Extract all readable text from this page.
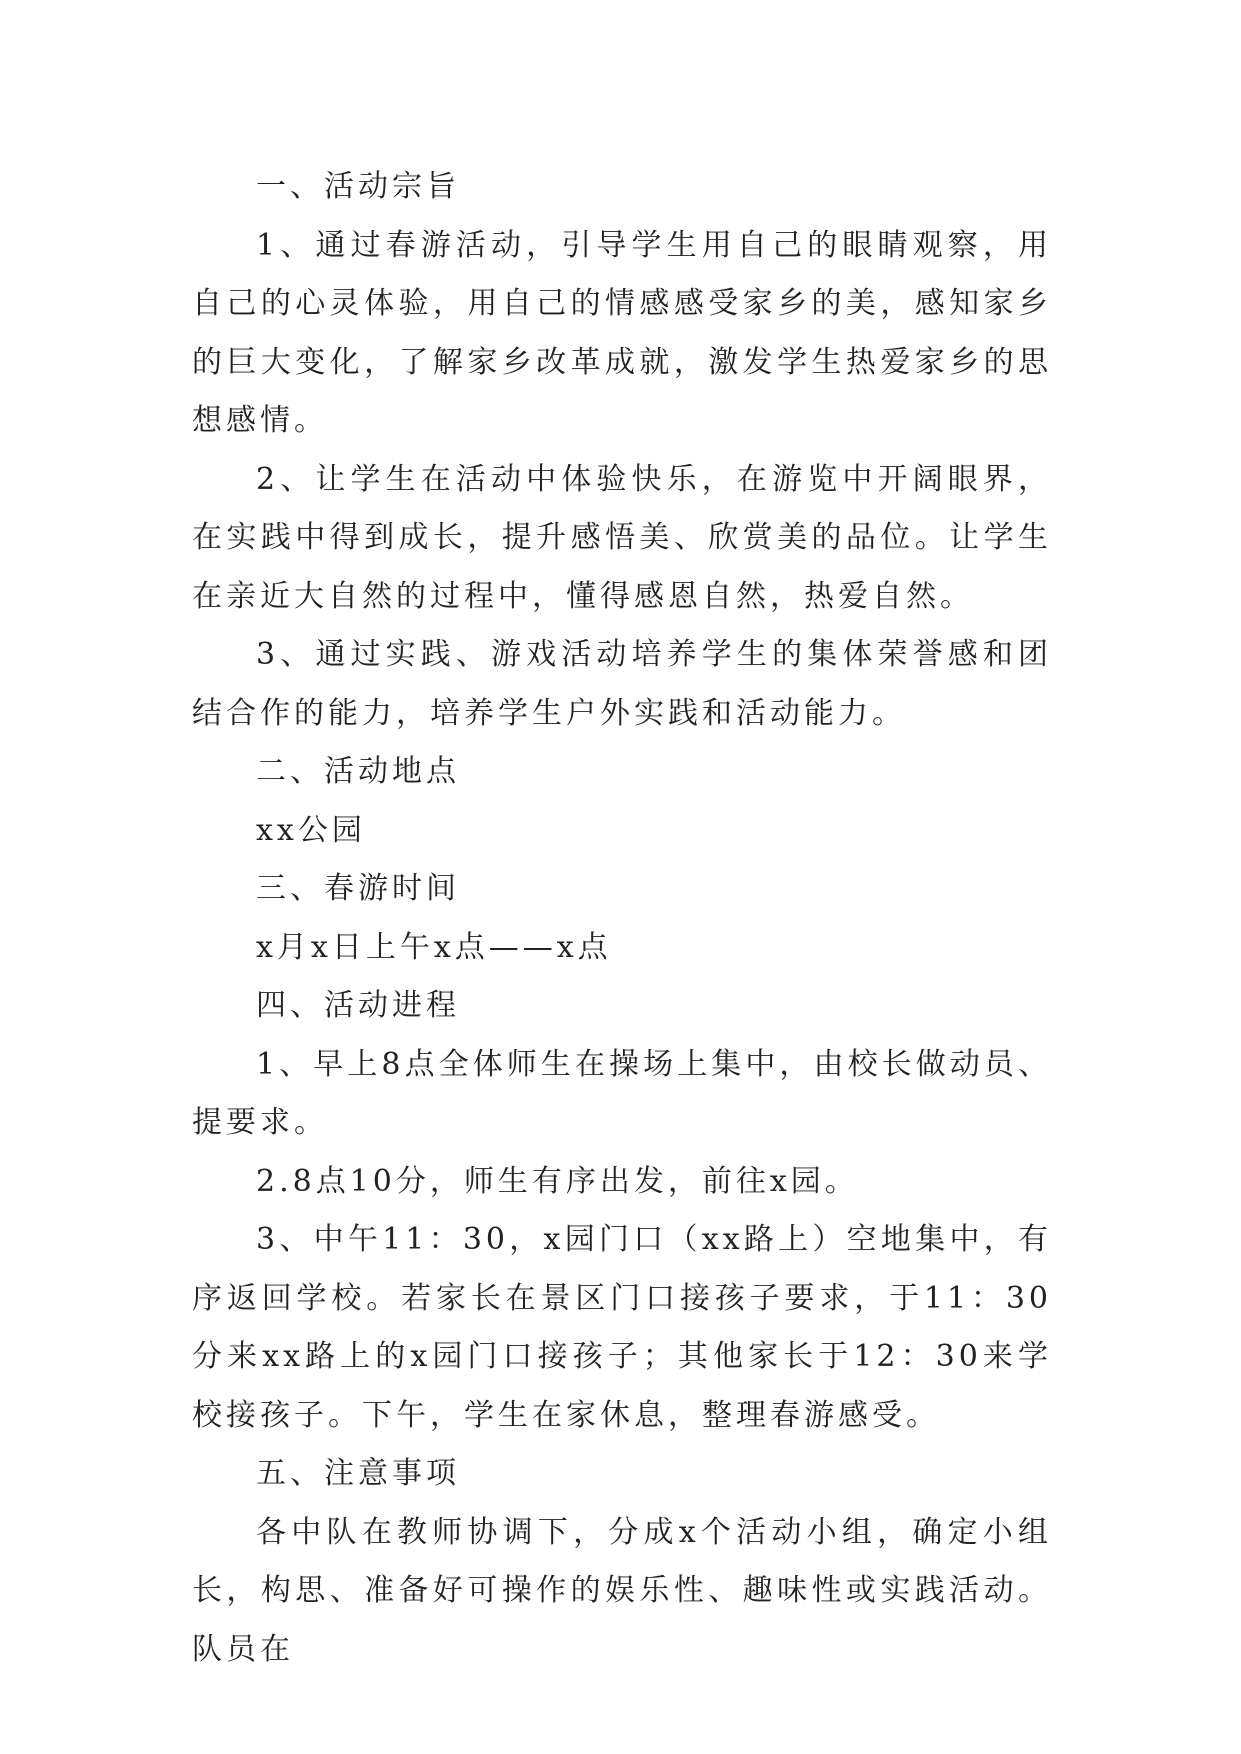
一、活动宗旨

1、通过春游活动，引导学生用自己的眼睛观察，用自己的心灵体验，用自己的情感感受家乡的美，感知家乡的巨大变化，了解家乡改革成就，激发学生热爱家乡的思想感情。

2、让学生在活动中体验快乐，在游览中开阔眼界，在实践中得到成长，提升感悟美、欣赏美的品位。让学生在亲近大自然的过程中，懂得感恩自然，热爱自然。

3、通过实践、游戏活动培养学生的集体荣誉感和团结合作的能力，培养学生户外实践和活动能力。

二、活动地点

xx公园

三、春游时间

x月x日上午x点——x点

四、活动进程

1、早上8点全体师生在操场上集中，由校长做动员、提要求。

2.8点10分，师生有序出发，前往x园。

3、中午11：30，x园门口（xx路上）空地集中，有序返回学校。若家长在景区门口接孩子要求，于11：30分来xx路上的x园门口接孩子；其他家长于12：30来学校接孩子。下午，学生在家休息，整理春游感受。

五、注意事项

各中队在教师协调下，分成x个活动小组，确定小组长，构思、准备好可操作的娱乐性、趣味性或实践活动。队员在
